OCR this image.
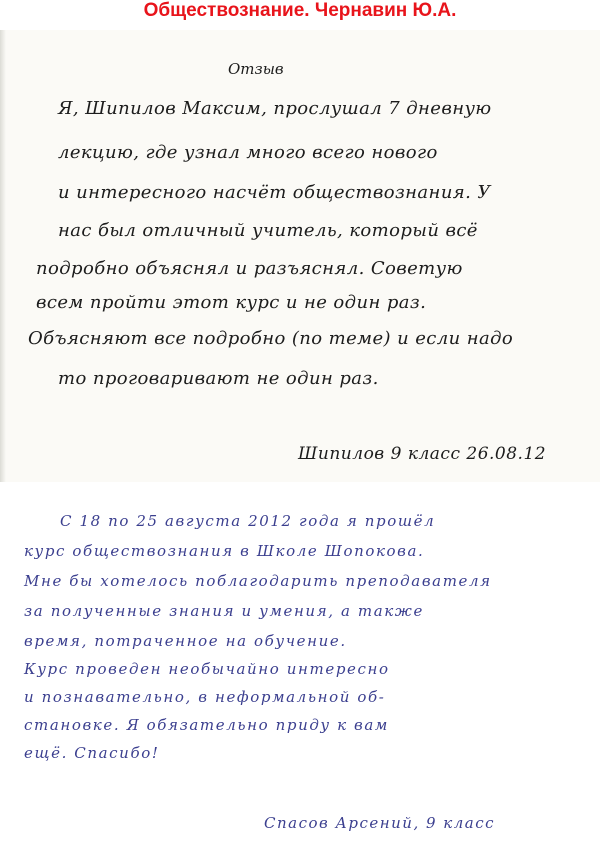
Обществознание. Чернавин Ю.А.
Отзыв
Я, Шипилов Максим, прослушал 7 дневную
лекцию, где узнал много всего нового
и интересного насчёт обществознания. У
нас был отличный учитель, который всё
подробно объяснял и разъяснял. Советую
всем пройти этот курс и не один раз.
Объясняют все подробно (по теме) и если надо
то проговаривают не один раз.
Шипилов 9 класс 26.08.12
С 18 по 25 августа 2012 года я прошёл
курс обществознания в Школе Шопокова.
Мне бы хотелось поблагодарить преподавателя
за полученные знания и умения, а также
время, потраченное на обучение.
Курс проведен необычайно интересно
и познавательно, в неформальной об-
становке. Я обязательно приду к вам
ещё. Спасибо!
Спасов Арсений, 9 класс
